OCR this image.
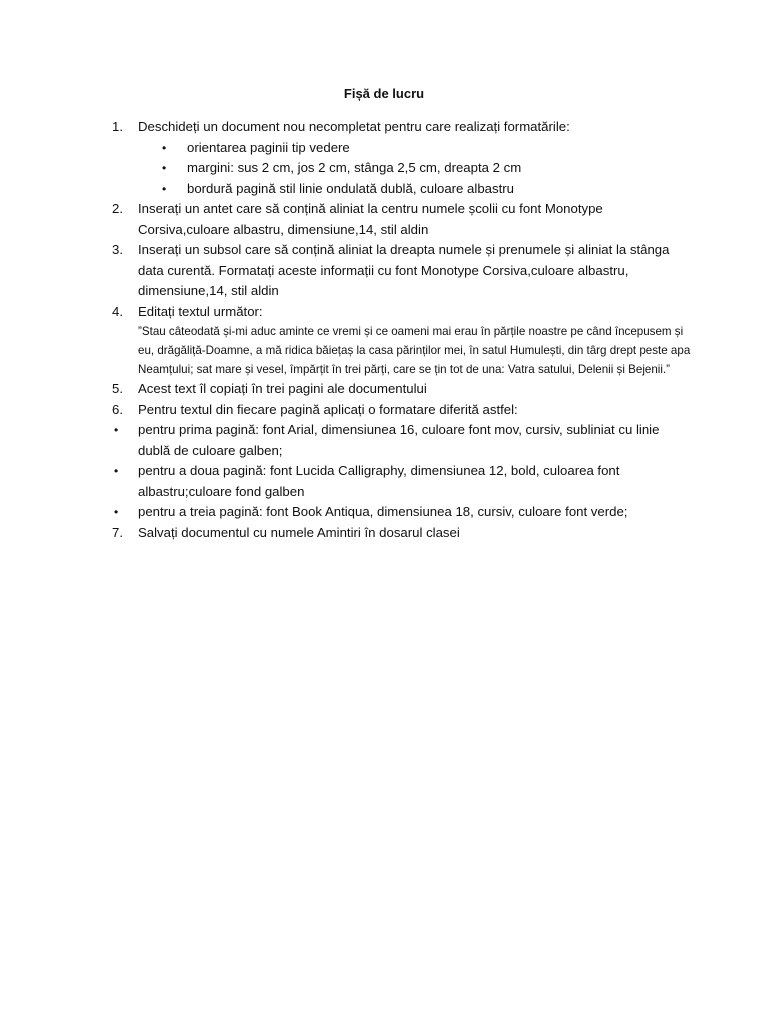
Fișă de lucru
1.	Deschideți un document nou necompletat pentru care realizați formatările:
• orientarea paginii tip vedere
• margini: sus 2 cm, jos 2 cm, stânga 2,5 cm, dreapta 2 cm
• bordură pagină stil linie ondulată dublă, culoare albastru
2.	Inserați un antet care să conțină aliniat la centru numele școlii cu font Monotype Corsiva,culoare albastru, dimensiune,14, stil aldin
3.	Inserați un subsol care să conțină aliniat la dreapta numele și prenumele și aliniat la stânga data curentă. Formatați aceste informații cu font Monotype Corsiva,culoare albastru, dimensiune,14, stil aldin
4.	Editați textul următor:
”Stau câteodată și-mi aduc aminte ce vremi și ce oameni mai erau în părțile noastre pe când începusem și eu, drăgăliță-Doamne, a mă ridica băiețaș la casa părinților mei, în satul Humulești, din târg drept peste apa Neamțului; sat mare și vesel, împărțit în trei părți, care se țin tot de una: Vatra satului, Delenii și Bejenii.”
5.	Acest text îl copiați în trei pagini ale documentului
6.	Pentru textul din fiecare pagină aplicați o formatare diferită astfel:
• pentru prima pagină: font Arial, dimensiunea 16, culoare font mov, cursiv, subliniat cu linie dublă de culoare galben;
• pentru a doua pagină: font Lucida Calligraphy, dimensiunea 12, bold, culoarea font albastru;culoare fond galben
• pentru a treia pagină: font Book Antiqua, dimensiunea 18, cursiv, culoare font verde;
7.	Salvați documentul cu numele Amintiri în dosarul clasei
